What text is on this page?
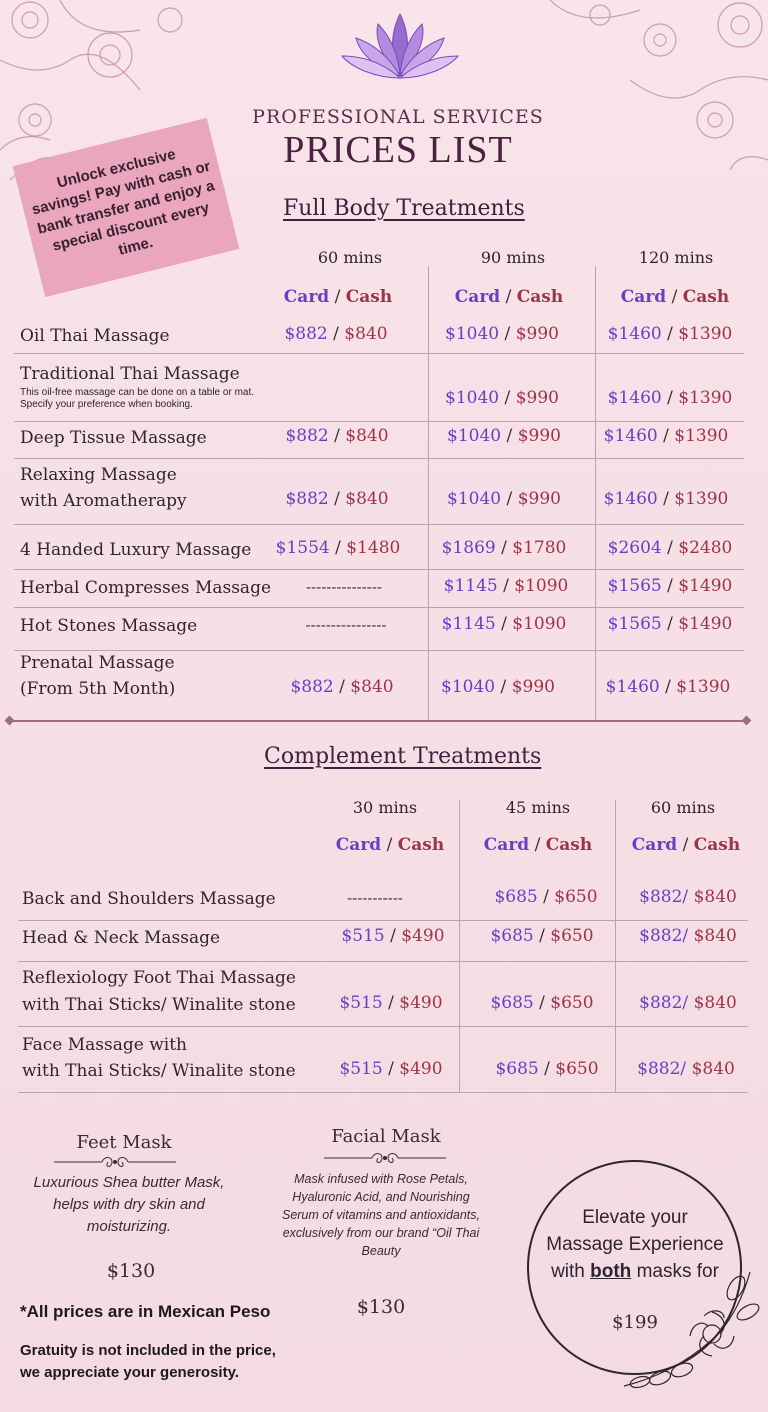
PROFESSIONAL SERVICES
PRICES LIST
Unlock exclusive savings! Pay with cash or bank transfer and enjoy a special discount every time.
Full Body Treatments
60 mins	90 mins	120 mins
Card / Cash	Card / Cash	Card / Cash
Oil Thai Massage	$882 / $840	$1040 / $990	$1460 / $1390
Traditional Thai Massage
This oil-free massage can be done on a table or mat. Specify your preference when booking.	$1040 / $990	$1460 / $1390
Deep Tissue Massage	$882 / $840	$1040 / $990	$1460 / $1390
Relaxing Massage
with Aromatherapy	$882 / $840	$1040 / $990	$1460 / $1390
4 Handed Luxury Massage	$1554 / $1480	$1869 / $1780	$2604 / $2480
Herbal Compresses Massage	---------------	$1145 / $1090	$1565 / $1490
Hot Stones Massage	----------------	$1145 / $1090	$1565 / $1490
Prenatal Massage
(From 5th Month)	$882 / $840	$1040 / $990	$1460 / $1390
Complement Treatments
30 mins	45 mins	60 mins
Card / Cash	Card / Cash	Card / Cash
Back and Shoulders Massage	-----------	$685 / $650	$882/ $840
Head & Neck Massage	$515 / $490	$685 / $650	$882/ $840
Reflexiology Foot Thai Massage
with Thai Sticks/ Winalite stone	$515 / $490	$685 / $650	$882/ $840
Face Massage with
with Thai Sticks/ Winalite stone	$515 / $490	$685 / $650	$882/ $840
Feet Mask
Luxurious Shea butter Mask, helps with dry skin and moisturizing.
$130
Facial Mask
Mask infused with Rose Petals, Hyaluronic Acid, and Nourishing Serum of vitamins and antioxidants, exclusively from our brand “Oil Thai Beauty
$130
Elevate your
Massage Experience
with both masks for
$199
*All prices are in Mexican Peso
Gratuity is not included in the price,
we appreciate your generosity.
